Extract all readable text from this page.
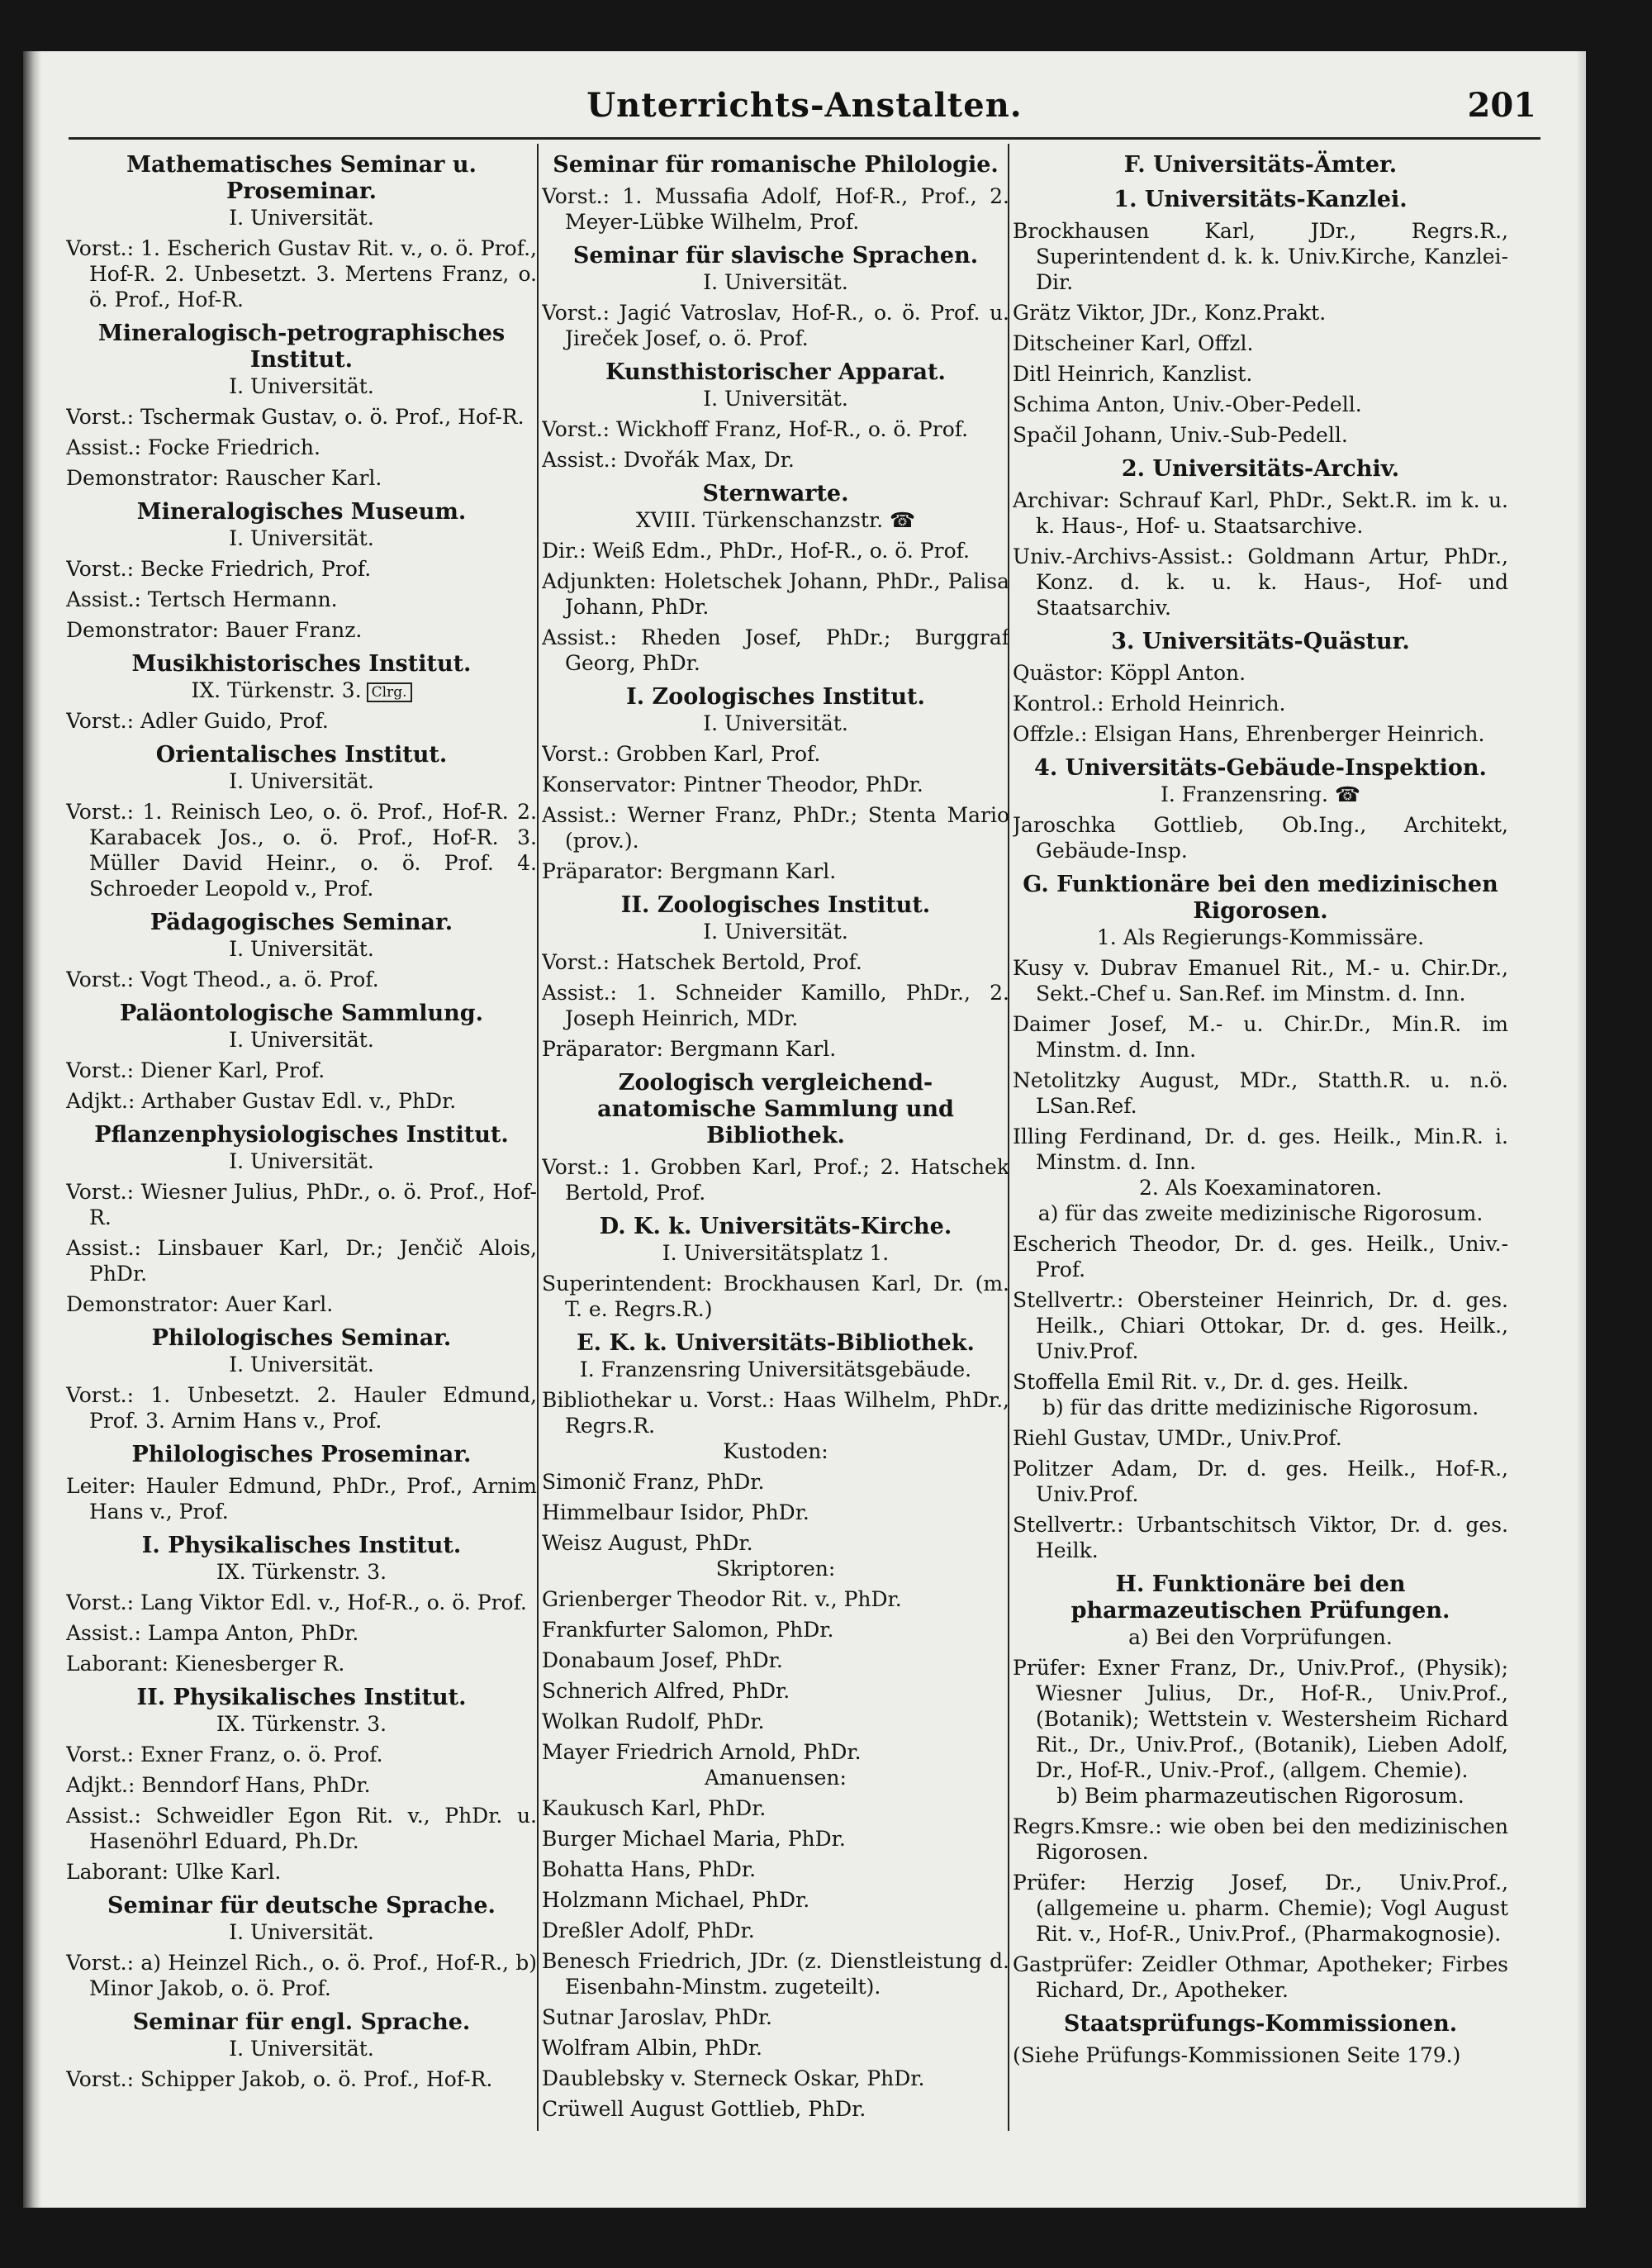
Unterrichts-Anstalten.	201
Mathematisches Seminar u. Proseminar.
I. Universität.
Vorst.: 1. Escherich Gustav Rit. v., o. ö. Prof., Hof-R. 2. Unbesetzt. 3. Mertens Franz, o. ö. Prof., Hof-R.
Mineralogisch-petrographisches Institut.
I. Universität.
Vorst.: Tschermak Gustav, o. ö. Prof., Hof-R.
Assist.: Focke Friedrich.
Demonstrator: Rauscher Karl.
Mineralogisches Museum.
I. Universität.
Vorst.: Becke Friedrich, Prof.
Assist.: Tertsch Hermann.
Demonstrator: Bauer Franz.
Musikhistorisches Institut.
IX. Türkenstr. 3. Clrg.
Vorst.: Adler Guido, Prof.
Orientalisches Institut.
I. Universität.
Vorst.: 1. Reinisch Leo, o. ö. Prof., Hof-R. 2. Karabacek Jos., o. ö. Prof., Hof-R. 3. Müller David Heinr., o. ö. Prof. 4. Schroeder Leopold v., Prof.
Pädagogisches Seminar.
I. Universität.
Vorst.: Vogt Theod., a. ö. Prof.
Paläontologische Sammlung.
I. Universität.
Vorst.: Diener Karl, Prof.
Adjkt.: Arthaber Gustav Edl. v., PhDr.
Pflanzenphysiologisches Institut.
I. Universität.
Vorst.: Wiesner Julius, PhDr., o. ö. Prof., Hof-R.
Assist.: Linsbauer Karl, Dr.; Jenčič Alois, PhDr.
Demonstrator: Auer Karl.
Philologisches Seminar.
I. Universität.
Vorst.: 1. Unbesetzt. 2. Hauler Edmund, Prof. 3. Arnim Hans v., Prof.
Philologisches Proseminar.
Leiter: Hauler Edmund, PhDr., Prof., Arnim Hans v., Prof.
I. Physikalisches Institut.
IX. Türkenstr. 3.
Vorst.: Lang Viktor Edl. v., Hof-R., o. ö. Prof.
Assist.: Lampa Anton, PhDr.
Laborant: Kienesberger R.
II. Physikalisches Institut.
IX. Türkenstr. 3.
Vorst.: Exner Franz, o. ö. Prof.
Adjkt.: Benndorf Hans, PhDr.
Assist.: Schweidler Egon Rit. v., PhDr. u. Hasenöhrl Eduard, Ph.Dr.
Laborant: Ulke Karl.
Seminar für deutsche Sprache.
I. Universität.
Vorst.: a) Heinzel Rich., o. ö. Prof., Hof-R., b) Minor Jakob, o. ö. Prof.
Seminar für engl. Sprache.
I. Universität.
Vorst.: Schipper Jakob, o. ö. Prof., Hof-R.
Seminar für romanische Philologie.
Vorst.: 1. Mussafia Adolf, Hof-R., Prof., 2. Meyer-Lübke Wilhelm, Prof.
Seminar für slavische Sprachen.
I. Universität.
Vorst.: Jagić Vatroslav, Hof-R., o. ö. Prof. u. Jireček Josef, o. ö. Prof.
Kunsthistorischer Apparat.
I. Universität.
Vorst.: Wickhoff Franz, Hof-R., o. ö. Prof.
Assist.: Dvořák Max, Dr.
Sternwarte.
XVIII. Türkenschanzstr. ☎
Dir.: Weiß Edm., PhDr., Hof-R., o. ö. Prof.
Adjunkten: Holetschek Johann, PhDr., Palisa Johann, PhDr.
Assist.: Rheden Josef, PhDr.; Burggraf Georg, PhDr.
I. Zoologisches Institut.
I. Universität.
Vorst.: Grobben Karl, Prof.
Konservator: Pintner Theodor, PhDr.
Assist.: Werner Franz, PhDr.; Stenta Mario (prov.).
Präparator: Bergmann Karl.
II. Zoologisches Institut.
I. Universität.
Vorst.: Hatschek Bertold, Prof.
Assist.: 1. Schneider Kamillo, PhDr., 2. Joseph Heinrich, MDr.
Präparator: Bergmann Karl.
Zoologisch vergleichend-anatomische Sammlung und Bibliothek.
Vorst.: 1. Grobben Karl, Prof.; 2. Hatschek Bertold, Prof.
D. K. k. Universitäts-Kirche.
I. Universitätsplatz 1.
Superintendent: Brockhausen Karl, Dr. (m. T. e. Regrs.R.)
E. K. k. Universitäts-Bibliothek.
I. Franzensring Universitätsgebäude.
Bibliothekar u. Vorst.: Haas Wilhelm, PhDr., Regrs.R.
Kustoden:
Simonič Franz, PhDr.
Himmelbaur Isidor, PhDr.
Weisz August, PhDr.
Skriptoren:
Grienberger Theodor Rit. v., PhDr.
Frankfurter Salomon, PhDr.
Donabaum Josef, PhDr.
Schnerich Alfred, PhDr.
Wolkan Rudolf, PhDr.
Mayer Friedrich Arnold, PhDr.
Amanuensen:
Kaukusch Karl, PhDr.
Burger Michael Maria, PhDr.
Bohatta Hans, PhDr.
Holzmann Michael, PhDr.
Dreßler Adolf, PhDr.
Benesch Friedrich, JDr. (z. Dienstleistung d. Eisenbahn-Minstm. zugeteilt).
Sutnar Jaroslav, PhDr.
Wolfram Albin, PhDr.
Daublebsky v. Sterneck Oskar, PhDr.
Crüwell August Gottlieb, PhDr.
F. Universitäts-Ämter.
1. Universitäts-Kanzlei.
Brockhausen Karl, JDr., Regrs.R., Superintendent d. k. k. Univ.Kirche, Kanzlei-Dir.
Grätz Viktor, JDr., Konz.Prakt.
Ditscheiner Karl, Offzl.
Ditl Heinrich, Kanzlist.
Schima Anton, Univ.-Ober-Pedell.
Spačil Johann, Univ.-Sub-Pedell.
2. Universitäts-Archiv.
Archivar: Schrauf Karl, PhDr., Sekt.R. im k. u. k. Haus-, Hof- u. Staatsarchive.
Univ.-Archivs-Assist.: Goldmann Artur, PhDr., Konz. d. k. u. k. Haus-, Hof- und Staatsarchiv.
3. Universitäts-Quästur.
Quästor: Köppl Anton.
Kontrol.: Erhold Heinrich.
Offzle.: Elsigan Hans, Ehrenberger Heinrich.
4. Universitäts-Gebäude-Inspektion.
I. Franzensring. ☎
Jaroschka Gottlieb, Ob.Ing., Architekt, Gebäude-Insp.
G. Funktionäre bei den medizinischen Rigorosen.
1. Als Regierungs-Kommissäre.
Kusy v. Dubrav Emanuel Rit., M.- u. Chir.Dr., Sekt.-Chef u. San.Ref. im Minstm. d. Inn.
Daimer Josef, M.- u. Chir.Dr., Min.R. im Minstm. d. Inn.
Netolitzky August, MDr., Statth.R. u. n.ö. LSan.Ref.
Illing Ferdinand, Dr. d. ges. Heilk., Min.R. i. Minstm. d. Inn.
2. Als Koexaminatoren.
a) für das zweite medizinische Rigorosum.
Escherich Theodor, Dr. d. ges. Heilk., Univ.-Prof.
Stellvertr.: Obersteiner Heinrich, Dr. d. ges. Heilk., Chiari Ottokar, Dr. d. ges. Heilk., Univ.Prof.
Stoffella Emil Rit. v., Dr. d. ges. Heilk.
b) für das dritte medizinische Rigorosum.
Riehl Gustav, UMDr., Univ.Prof.
Politzer Adam, Dr. d. ges. Heilk., Hof-R., Univ.Prof.
Stellvertr.: Urbantschitsch Viktor, Dr. d. ges. Heilk.
H. Funktionäre bei den pharmazeutischen Prüfungen.
a) Bei den Vorprüfungen.
Prüfer: Exner Franz, Dr., Univ.Prof., (Physik); Wiesner Julius, Dr., Hof-R., Univ.Prof., (Botanik); Wettstein v. Westersheim Richard Rit., Dr., Univ.Prof., (Botanik), Lieben Adolf, Dr., Hof-R., Univ.-Prof., (allgem. Chemie).
b) Beim pharmazeutischen Rigorosum.
Regrs.Kmsre.: wie oben bei den medizinischen Rigorosen.
Prüfer: Herzig Josef, Dr., Univ.Prof., (allgemeine u. pharm. Chemie); Vogl August Rit. v., Hof-R., Univ.Prof., (Pharmakognosie).
Gastprüfer: Zeidler Othmar, Apotheker; Firbes Richard, Dr., Apotheker.
Staatsprüfungs-Kommissionen.
(Siehe Prüfungs-Kommissionen Seite 179.)
